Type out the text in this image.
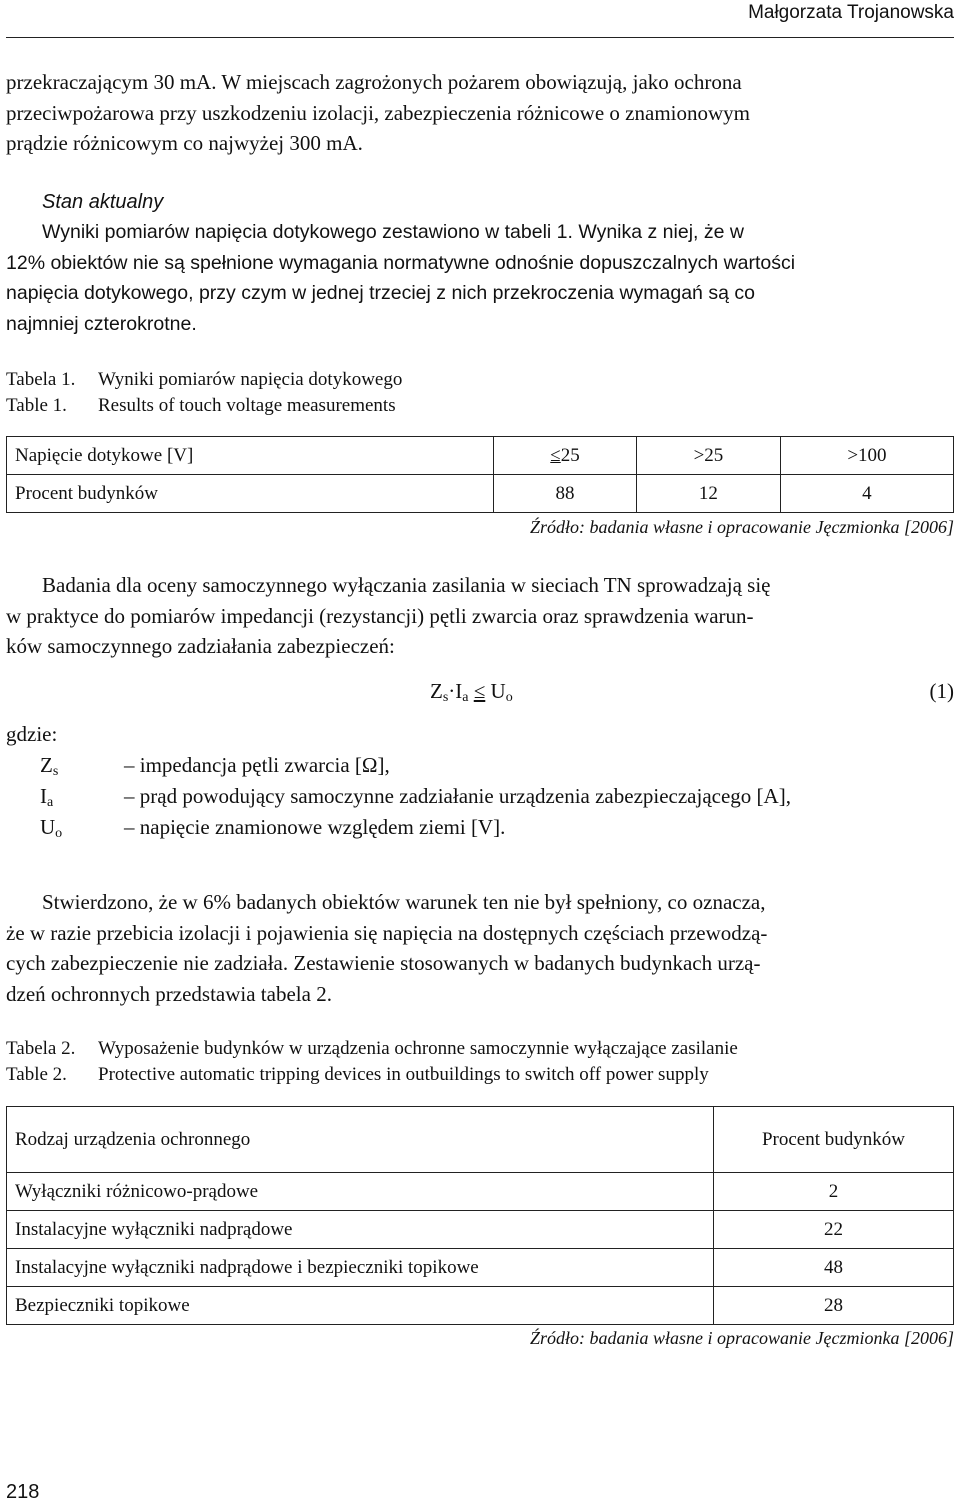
Małgorzata Trojanowska
przekraczającym 30 mA. W miejscach zagrożonych pożarem obowiązują, jako ochrona
przeciwpożarowa przy uszkodzeniu izolacji, zabezpieczenia różnicowe o znamionowym
prądzie różnicowym co najwyżej 300 mA.
Stan aktualny
Wyniki pomiarów napięcia dotykowego zestawiono w tabeli 1. Wynika z niej, że w
12% obiektów nie są spełnione wymagania normatywne odnośnie dopuszczalnych wartości
napięcia dotykowego, przy czym w jednej trzeciej z nich przekroczenia wymagań są co
najmniej czterokrotne.
Tabela 1. Wyniki pomiarów napięcia dotykowego
Table 1. Results of touch voltage measurements
Napięcie dotykowe [V]	≤25	>25	>100
Procent budynków	88	12	4
Źródło: badania własne i opracowanie Jęczmionka [2006]
Badania dla oceny samoczynnego wyłączania zasilania w sieciach TN sprowadzają się
w praktyce do pomiarów impedancji (rezystancji) pętli zwarcia oraz sprawdzenia warun-
ków samoczynnego zadziałania zabezpieczeń:
$Z_s\cdot I_a \le U_o$	(1)
gdzie:
$Z_s$	– impedancja pętli zwarcia [Ω],
$I_a$	– prąd powodujący samoczynne zadziałanie urządzenia zabezpieczającego [A],
$U_o$	– napięcie znamionowe względem ziemi [V].
Stwierdzono, że w 6% badanych obiektów warunek ten nie był spełniony, co oznacza,
że w razie przebicia izolacji i pojawienia się napięcia na dostępnych częściach przewodzą-
cych zabezpieczenie nie zadziała. Zestawienie stosowanych w badanych budynkach urzą-
dzeń ochronnych przedstawia tabela 2.
Tabela 2. Wyposażenie budynków w urządzenia ochronne samoczynnie wyłączające zasilanie
Table 2. Protective automatic tripping devices in outbuildings to switch off power supply
Rodzaj urządzenia ochronnego	Procent budynków
Wyłączniki różnicowo-prądowe	2
Instalacyjne wyłączniki nadprądowe	22
Instalacyjne wyłączniki nadprądowe i bezpieczniki topikowe	48
Bezpieczniki topikowe	28
Źródło: badania własne i opracowanie Jęczmionka [2006]
218
